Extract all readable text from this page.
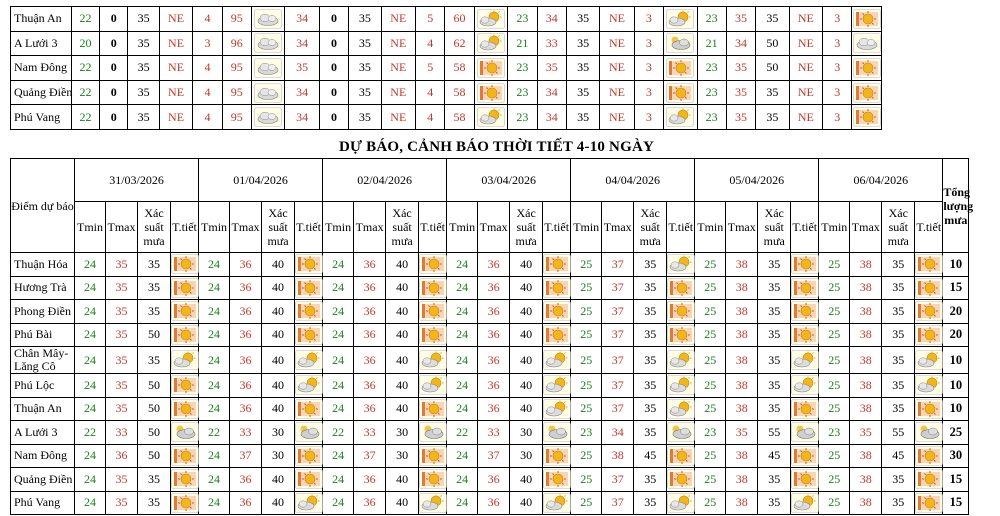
Thuận An	22	0	35	NE	4	95		34	0	35	NE	5	60		23	34	35	NE	3		23	35	35	NE	3	
A Lưới 3	20	0	35	NE	3	96		34	0	35	NE	4	62		21	33	35	NE	3		21	34	50	NE	3	
Nam Đông	22	0	35	NE	4	95		35	0	35	NE	5	58		23	35	35	NE	3		23	35	50	NE	3	
Quảng Điền	22	0	35	NE	4	95		34	0	35	NE	4	58		23	34	35	NE	3		23	35	35	NE	3	
Phú Vang	22	0	35	NE	4	95		34	0	35	NE	4	58		23	34	35	NE	3		23	35	35	NE	3	
DỰ BÁO, CẢNH BÁO THỜI TIẾT 4-10 NGÀY
Điểm dự báo	31/03/2026				01/04/2026				02/04/2026				03/04/2026				04/04/2026				05/04/2026				06/04/2026				Tổng lượng mưa
	Tmin	Tmax	Xác suất mưa	T.tiết	Tmin	Tmax	Xác suất mưa	T.tiết	Tmin	Tmax	Xác suất mưa	T.tiết	Tmin	Tmax	Xác suất mưa	T.tiết	Tmin	Tmax	Xác suất mưa	T.tiết	Tmin	Tmax	Xác suất mưa	T.tiết	Tmin	Tmax	Xác suất mưa	T.tiết	
Thuận Hóa	24	35	35		24	36	40		24	36	40		24	36	40		25	37	35		25	38	35		25	38	35		10
Hương Trà	24	35	35		24	36	40		24	36	40		24	36	40		25	37	35		25	38	35		25	38	35		15
Phong Điền	24	35	35		24	36	40		24	36	40		24	36	40		25	37	35		25	38	35		25	38	35		20
Phú Bài	24	35	50		24	36	40		24	36	40		24	36	40		25	37	35		25	38	35		25	38	35		20
Chân Mây-Lăng Cô	24	35	35		24	36	40		24	36	40		24	36	40		25	37	35		25	38	35		25	38	35		10
Phú Lộc	24	35	50		24	36	40		24	36	40		24	36	40		25	37	35		25	38	35		25	38	35		10
Thuận An	24	35	50		24	36	40		24	36	40		24	36	40		25	37	35		25	38	35		25	38	35		10
A Lưới 3	22	33	50		22	33	30		22	33	30		22	33	30		23	34	35		23	35	55		23	35	55		25
Nam Đông	24	36	50		24	37	30		24	37	30		24	37	30		25	38	45		25	38	45		25	38	45		30
Quảng Điền	24	35	35		24	36	40		24	36	40		24	36	40		25	37	35		25	38	35		25	38	35		15
Phú Vang	24	35	35		24	36	40		24	36	40		24	36	40		25	37	35		25	38	35		25	38	35		15
